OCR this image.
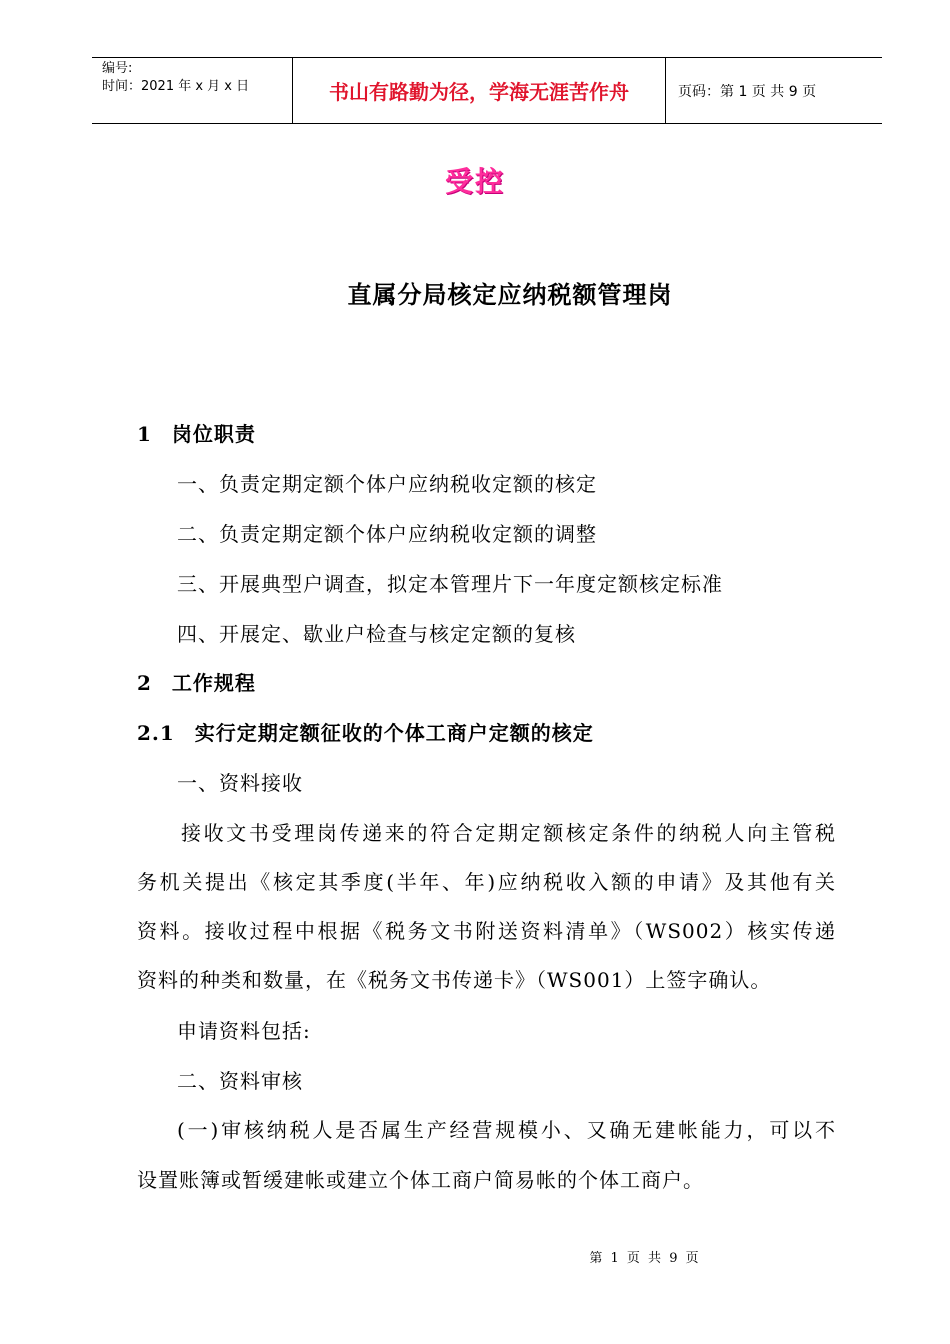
编号:
时间：2021 年 x 月 x 日	书山有路勤为径，学海无涯苦作舟	页码：第 1 页 共 9 页
受控
直属分局核定应纳税额管理岗
1 岗位职责
一、负责定期定额个体户应纳税收定额的核定
二、负责定期定额个体户应纳税收定额的调整
三、开展典型户调查，拟定本管理片下一年度定额核定标准
四、开展定、歇业户检查与核定定额的复核
2 工作规程
2.1 实行定期定额征收的个体工商户定额的核定
一、资料接收
接收文书受理岗传递来的符合定期定额核定条件的纳税人向主管税
务机关提出《核定其季度(半年、年)应纳税收入额的申请》及其他有关
资料。接收过程中根据《税务文书附送资料清单》（WS002）核实传递
资料的种类和数量，在《税务文书传递卡》（WS001）上签字确认。
申请资料包括:
二、资料审核
(一)审核纳税人是否属生产经营规模小、又确无建帐能力，可以不
设置账簿或暂缓建帐或建立个体工商户简易帐的个体工商户。
第 1 页 共 9 页
